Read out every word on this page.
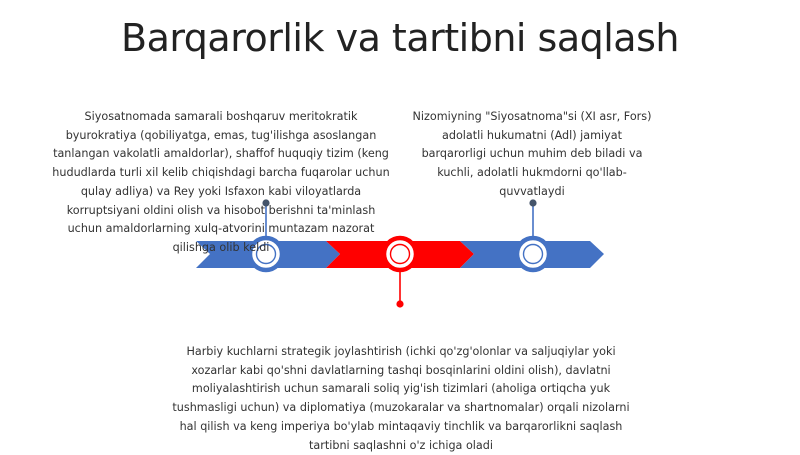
Barqarorlik va tartibni saqlash
Siyosatnomada samarali boshqaruv meritokratik byurokratiya (qobiliyatga, emas, tug'ilishga asoslangan tanlangan vakolatli amaldorlar), shaffof huquqiy tizim (keng hududlarda turli xil kelib chiqishdagi barcha fuqarolar uchun qulay adliya) va Rey yoki Isfaxon kabi viloyatlarda korruptsiyani oldini olish va hisobot berishni ta'minlash uchun amaldorlarning xulq-atvorini muntazam nazorat qilishga olib keldi
Harbiy kuchlarni strategik joylashtirish (ichki qo'zg'olonlar va saljuqiylar yoki xozarlar kabi qo'shni davlatlarning tashqi bosqinlarini oldini olish), davlatni moliyalashtirish uchun samarali soliq yig'ish tizimlari (aholiga ortiqcha yuk tushmasligi uchun) va diplomatiya (muzokaralar va shartnomalar) orqali nizolarni hal qilish va keng imperiya bo'ylab mintaqaviy tinchlik va barqarorlikni saqlash tartibni saqlashni o'z ichiga oladi
Nizomiyning "Siyosatnoma"si (XI asr, Fors) adolatli hukumatni (Adl) jamiyat barqarorligi uchun muhim deb biladi va kuchli, adolatli hukmdorni qo'llab-quvvatlaydi
